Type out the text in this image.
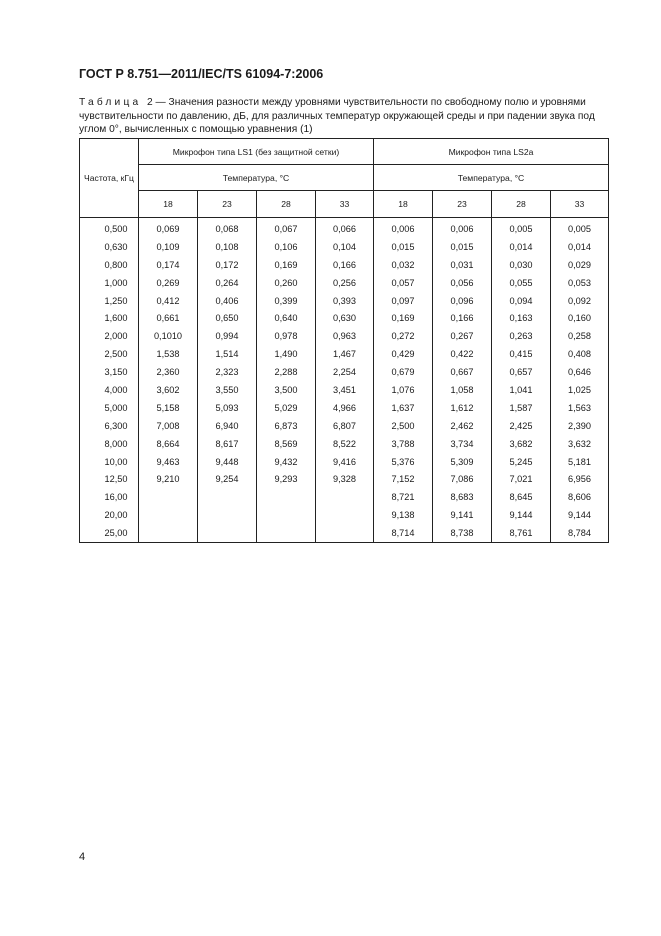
ГОСТ Р 8.751—2011/IEC/TS 61094-7:2006
Таблица 2 — Значения разности между уровнями чувствительности по свободному полю и уровнями чувствительности по давлению, дБ, для различных температур окружающей среды и при падении звука под углом 0°, вычисленных с помощью уравнения (1)
Частота, кГц	Микрофон типа LS1 (без защитной сетки)				Микрофон типа LS2a			
	Температура, °С				Температура, °С			
	18	23	28	33	18	23	28	33
0,500	0,069	0,068	0,067	0,066	0,006	0,006	0,005	0,005
0,630	0,109	0,108	0,106	0,104	0,015	0,015	0,014	0,014
0,800	0,174	0,172	0,169	0,166	0,032	0,031	0,030	0,029
1,000	0,269	0,264	0,260	0,256	0,057	0,056	0,055	0,053
1,250	0,412	0,406	0,399	0,393	0,097	0,096	0,094	0,092
1,600	0,661	0,650	0,640	0,630	0,169	0,166	0,163	0,160
2,000	0,1010	0,994	0,978	0,963	0,272	0,267	0,263	0,258
2,500	1,538	1,514	1,490	1,467	0,429	0,422	0,415	0,408
3,150	2,360	2,323	2,288	2,254	0,679	0,667	0,657	0,646
4,000	3,602	3,550	3,500	3,451	1,076	1,058	1,041	1,025
5,000	5,158	5,093	5,029	4,966	1,637	1,612	1,587	1,563
6,300	7,008	6,940	6,873	6,807	2,500	2,462	2,425	2,390
8,000	8,664	8,617	8,569	8,522	3,788	3,734	3,682	3,632
10,00	9,463	9,448	9,432	9,416	5,376	5,309	5,245	5,181
12,50	9,210	9,254	9,293	9,328	7,152	7,086	7,021	6,956
16,00					8,721	8,683	8,645	8,606
20,00					9,138	9,141	9,144	9,144
25,00					8,714	8,738	8,761	8,784
4
